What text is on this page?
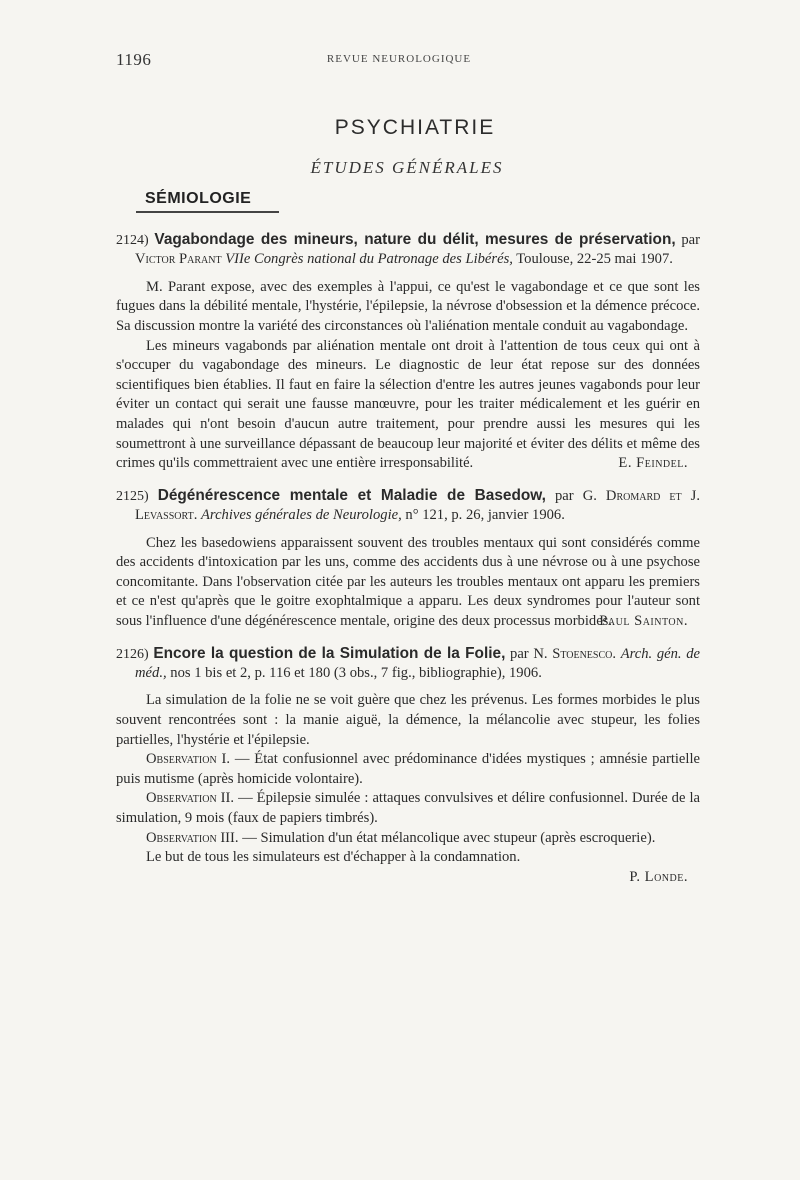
1196	REVUE NEUROLOGIQUE
PSYCHIATRIE
ÉTUDES GÉNÉRALES
SÉMIOLOGIE

2124) Vagabondage des mineurs, nature du délit, mesures de préservation, par Victor Parant VIIe Congrès national du Patronage des Libérés, Toulouse, 22-25 mai 1907.

M. Parant expose, avec des exemples à l'appui, ce qu'est le vagabondage et ce que sont les fugues dans la débilité mentale, l'hystérie, l'épilepsie, la névrose d'obsession et la démence précoce. Sa discussion montre la variété des circonstances où l'aliénation mentale conduit au vagabondage.

Les mineurs vagabonds par aliénation mentale ont droit à l'attention de tous ceux qui ont à s'occuper du vagabondage des mineurs. Le diagnostic de leur état repose sur des données scientifiques bien établies. Il faut en faire la sélection d'entre les autres jeunes vagabonds pour leur éviter un contact qui serait une fausse manœuvre, pour les traiter médicalement et les guérir en malades qui n'ont besoin d'aucun autre traitement, pour prendre aussi les mesures qui les soumettront à une surveillance dépassant de beaucoup leur majorité et éviter des délits et même des crimes qu'ils commettraient avec une entière irresponsabilité.	E. Feindel.

2125) Dégénérescence mentale et Maladie de Basedow, par G. Dromard et J. Levassort. Archives générales de Neurologie, n° 121, p. 26, janvier 1906.

Chez les basedowiens apparaissent souvent des troubles mentaux qui sont considérés comme des accidents d'intoxication par les uns, comme des accidents dus à une névrose ou à une psychose concomitante. Dans l'observation citée par les auteurs les troubles mentaux ont apparu les premiers et ce n'est qu'après que le goitre exophtalmique a apparu. Les deux syndromes pour l'auteur sont sous l'influence d'une dégénérescence mentale, origine des deux processus morbides.

Paul Sainton.

2126) Encore la question de la Simulation de la Folie, par N. Stoenesco. Arch. gén. de méd., nos 1 bis et 2, p. 116 et 180 (3 obs., 7 fig., bibliographie), 1906.

La simulation de la folie ne se voit guère que chez les prévenus. Les formes morbides le plus souvent rencontrées sont : la manie aiguë, la démence, la mélancolie avec stupeur, les folies partielles, l'hystérie et l'épilepsie.

Observation I. — État confusionnel avec prédominance d'idées mystiques ; amnésie partielle puis mutisme (après homicide volontaire).

Observation II. — Épilepsie simulée : attaques convulsives et délire confusionnel. Durée de la simulation, 9 mois (faux de papiers timbrés).

Observation III. — Simulation d'un état mélancolique avec stupeur (après escroquerie).

Le but de tous les simulateurs est d'échapper à la condamnation.

P. Londe.
